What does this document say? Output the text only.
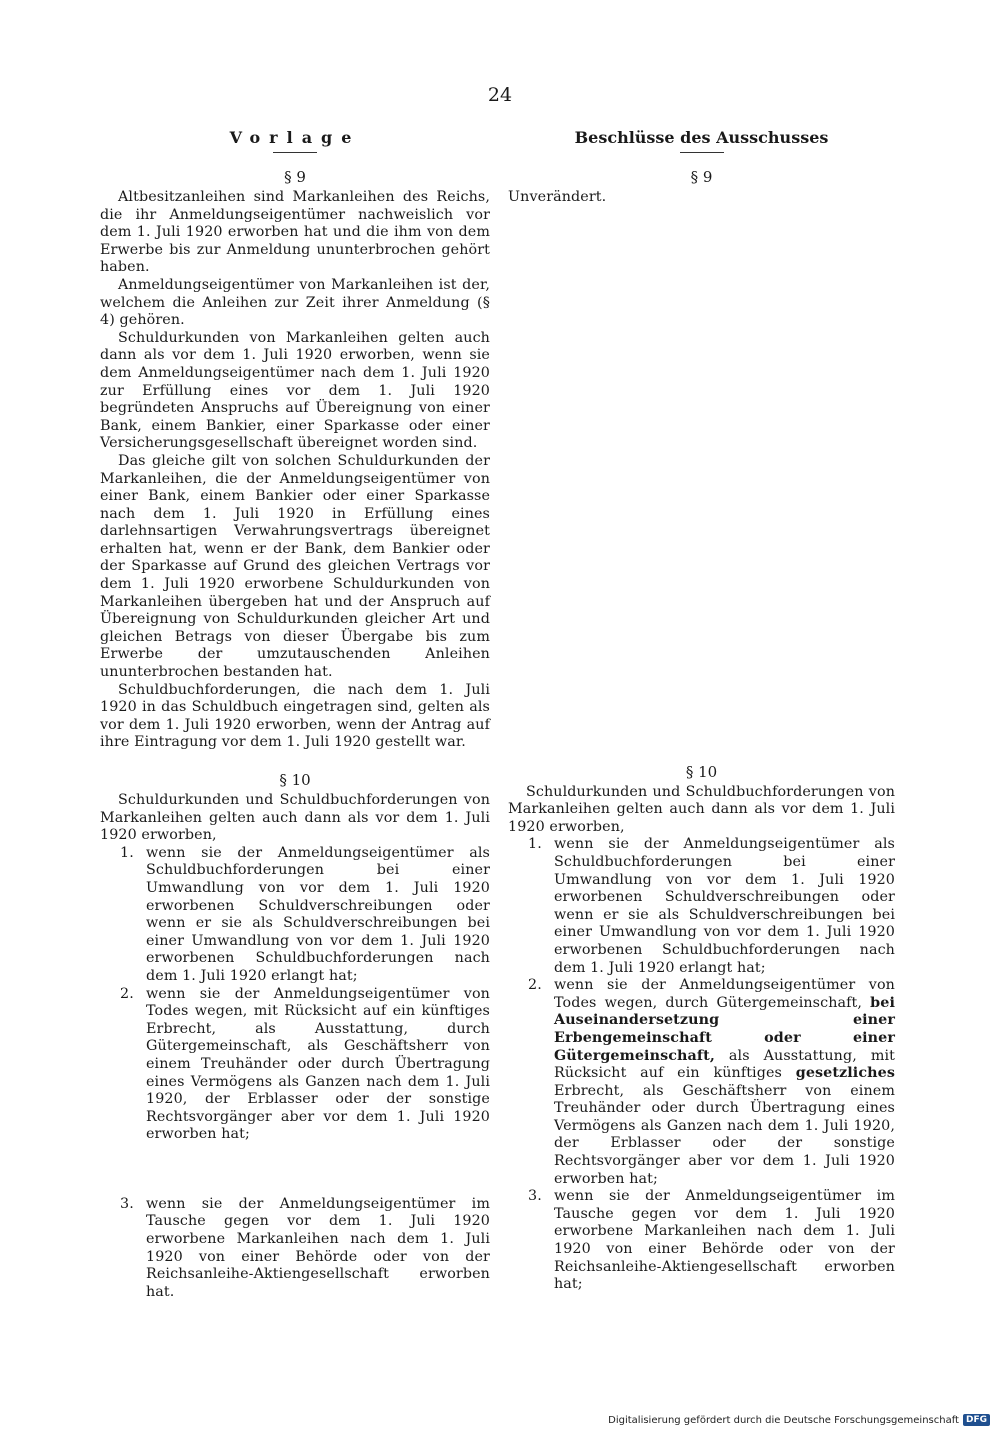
24
Vorlage
§ 9

Altbesitzanleihen sind Markanleihen des Reichs, die ihr Anmeldungseigentümer nachweislich vor dem 1. Juli 1920 erworben hat und die ihm von dem Erwerbe bis zur Anmeldung ununterbrochen gehört haben.

Anmeldungseigentümer von Markanleihen ist der, welchem die Anleihen zur Zeit ihrer Anmeldung (§ 4) gehören.

Schuldurkunden von Markanleihen gelten auch dann als vor dem 1. Juli 1920 erworben, wenn sie dem Anmeldungseigentümer nach dem 1. Juli 1920 zur Erfüllung eines vor dem 1. Juli 1920 begründeten Anspruchs auf Übereignung von einer Bank, einem Bankier, einer Sparkasse oder einer Versicherungsgesellschaft übereignet worden sind.

Das gleiche gilt von solchen Schuldurkunden der Markanleihen, die der Anmeldungseigentümer von einer Bank, einem Bankier oder einer Sparkasse nach dem 1. Juli 1920 in Erfüllung eines darlehnsartigen Verwahrungsvertrags übereignet erhalten hat, wenn er der Bank, dem Bankier oder der Sparkasse auf Grund des gleichen Vertrags vor dem 1. Juli 1920 erworbene Schuldurkunden von Markanleihen übergeben hat und der Anspruch auf Übereignung von Schuldurkunden gleicher Art und gleichen Betrags von dieser Übergabe bis zum Erwerbe der umzutauschenden Anleihen ununterbrochen bestanden hat.

Schuldbuchforderungen, die nach dem 1. Juli 1920 in das Schuldbuch eingetragen sind, gelten als vor dem 1. Juli 1920 erworben, wenn der Antrag auf ihre Eintragung vor dem 1. Juli 1920 gestellt war.

§ 10

Schuldurkunden und Schuldbuchforderungen von Markanleihen gelten auch dann als vor dem 1. Juli 1920 erworben,

1. wenn sie der Anmeldungseigentümer als Schuldbuchforderungen bei einer Umwandlung von vor dem 1. Juli 1920 erworbenen Schuldverschreibungen oder wenn er sie als Schuldverschreibungen bei einer Umwandlung von vor dem 1. Juli 1920 erworbenen Schuldbuchforderungen nach dem 1. Juli 1920 erlangt hat;
2. wenn sie der Anmeldungseigentümer von Todes wegen, mit Rücksicht auf ein künftiges Erbrecht, als Ausstattung, durch Gütergemeinschaft, als Geschäftsherr von einem Treuhänder oder durch Übertragung eines Vermögens als Ganzen nach dem 1. Juli 1920, der Erblasser oder der sonstige Rechtsvorgänger aber vor dem 1. Juli 1920 erworben hat;
3. wenn sie der Anmeldungseigentümer im Tausche gegen vor dem 1. Juli 1920 erworbene Markanleihen nach dem 1. Juli 1920 von einer Behörde oder von der Reichsanleihe-Aktiengesellschaft erworben hat.
Beschlüsse des Ausschusses
§ 9

Unverändert.

§ 10

Schuldurkunden und Schuldbuchforderungen von Markanleihen gelten auch dann als vor dem 1. Juli 1920 erworben,

1. wenn sie der Anmeldungseigentümer als Schuldbuchforderungen bei einer Umwandlung von vor dem 1. Juli 1920 erworbenen Schuldverschreibungen oder wenn er sie als Schuldverschreibungen bei einer Umwandlung von vor dem 1. Juli 1920 erworbenen Schuldbuchforderungen nach dem 1. Juli 1920 erlangt hat;
2. wenn sie der Anmeldungseigentümer von Todes wegen, durch Gütergemeinschaft, bei Auseinandersetzung einer Erbengemeinschaft oder einer Gütergemeinschaft, als Ausstattung, mit Rücksicht auf ein künftiges gesetzliches Erbrecht, als Geschäftsherr von einem Treuhänder oder durch Übertragung eines Vermögens als Ganzen nach dem 1. Juli 1920, der Erblasser oder der sonstige Rechtsvorgänger aber vor dem 1. Juli 1920 erworben hat;
3. wenn sie der Anmeldungseigentümer im Tausche gegen vor dem 1. Juli 1920 erworbene Markanleihen nach dem 1. Juli 1920 von einer Behörde oder von der Reichsanleihe-Aktiengesellschaft erworben hat;
Digitalisierung gefördert durch die Deutsche Forschungsgemeinschaft DFG
